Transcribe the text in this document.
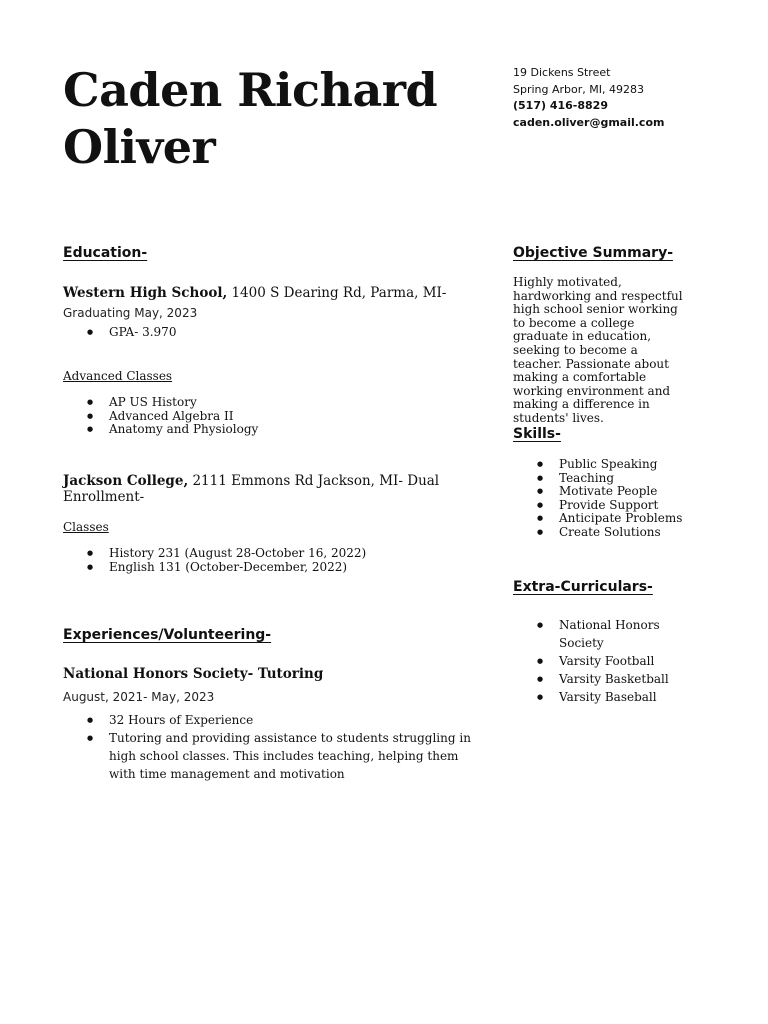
Caden Richard
Oliver
19 Dickens Street
Spring Arbor, MI, 49283
(517) 416-8829
caden.oliver@gmail.com
Education-
Western High School, 1400 S Dearing Rd, Parma, MI-
Graduating May, 2023
● GPA- 3.970
Advanced Classes
● AP US History
● Advanced Algebra II
● Anatomy and Physiology
Jackson College, 2111 Emmons Rd Jackson, MI- Dual Enrollment-
Classes
● History 231 (August 28-October 16, 2022)
● English 131 (October-December, 2022)
Experiences/Volunteering-
National Honors Society- Tutoring
August, 2021- May, 2023
● 32 Hours of Experience
● Tutoring and providing assistance to students struggling in high school classes. This includes teaching, helping them with time management and motivation
Objective Summary-
Highly motivated, hardworking and respectful high school senior working to become a college graduate in education, seeking to become a teacher. Passionate about making a comfortable working environment and making a difference in students' lives.
Skills-
● Public Speaking
● Teaching
● Motivate People
● Provide Support
● Anticipate Problems
● Create Solutions
Extra-Curriculars-
● National Honors Society
● Varsity Football
● Varsity Basketball
● Varsity Baseball
